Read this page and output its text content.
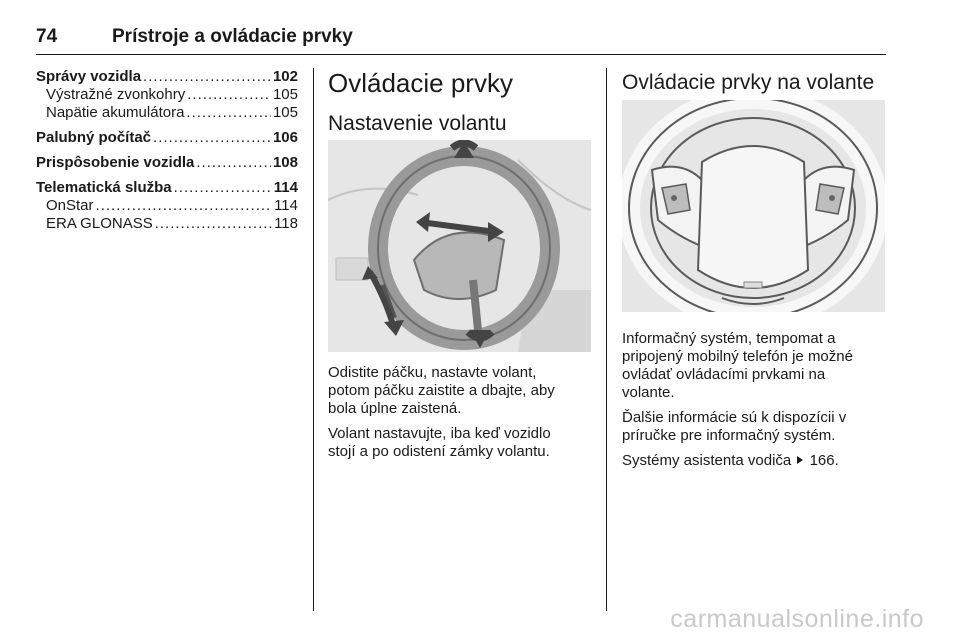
74	Prístroje a ovládacie prvky
Správy vozidla .....	102
Výstražné zvonkohry .....	105
Napätie akumulátora .....	105
Palubný počítač .....	106
Prispôsobenie vozidla .....	108
Telematická služba .....	114
OnStar .....	114
ERA GLONASS .....	118
Ovládacie prvky
Nastavenie volantu

Odistite páčku, nastavte volant,
potom páčku zaistite a dbajte, aby
bola úplne zaistená.

Volant nastavujte, iba keď vozidlo
stojí a po odistení zámky volantu.

Ovládacie prvky na volante

Informačný systém, tempomat a
pripojený mobilný telefón je možné
ovládať ovládacími prvkami na
volante.

Ďalšie informácie sú k dispozícii v
príručke pre informačný systém.

Systémy asistenta vodiča 166.

carmanualsonline.info
